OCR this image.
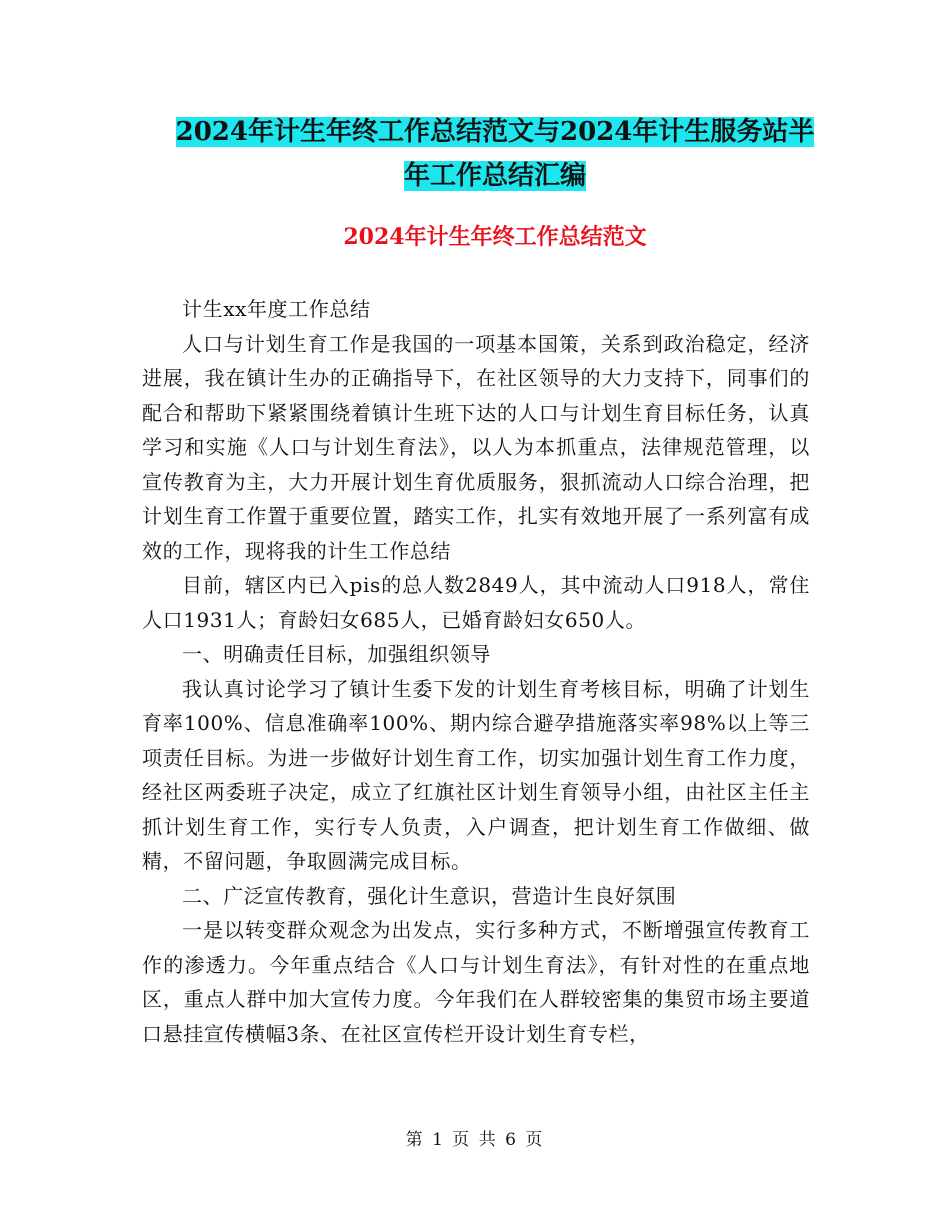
2024年计生年终工作总结范文与2024年计生服务站半
年工作总结汇编
2024年计生年终工作总结范文

计生xx年度工作总结

人口与计划生育工作是我国的一项基本国策，关系到政治稳定，经济进展，我在镇计生办的正确指导下，在社区领导的大力支持下，同事们的配合和帮助下紧紧围绕着镇计生班下达的人口与计划生育目标任务，认真学习和实施《人口与计划生育法》，以人为本抓重点，法律规范管理，以宣传教育为主，大力开展计划生育优质服务，狠抓流动人口综合治理，把计划生育工作置于重要位置，踏实工作，扎实有效地开展了一系列富有成效的工作，现将我的计生工作总结

目前，辖区内已入pis的总人数2849人，其中流动人口918人，常住人口1931人；育龄妇女685人，已婚育龄妇女650人。

一、明确责任目标，加强组织领导

我认真讨论学习了镇计生委下发的计划生育考核目标，明确了计划生育率100%、信息准确率100%、期内综合避孕措施落实率98%以上等三项责任目标。为进一步做好计划生育工作，切实加强计划生育工作力度，经社区两委班子决定，成立了红旗社区计划生育领导小组，由社区主任主抓计划生育工作，实行专人负责，入户调查，把计划生育工作做细、做精，不留问题，争取圆满完成目标。

二、广泛宣传教育，强化计生意识，营造计生良好氛围

一是以转变群众观念为出发点，实行多种方式，不断增强宣传教育工作的渗透力。今年重点结合《人口与计划生育法》，有针对性的在重点地区，重点人群中加大宣传力度。今年我们在人群较密集的集贸市场主要道口悬挂宣传横幅3条、在社区宣传栏开设计划生育专栏，

第 1 页 共 6 页
